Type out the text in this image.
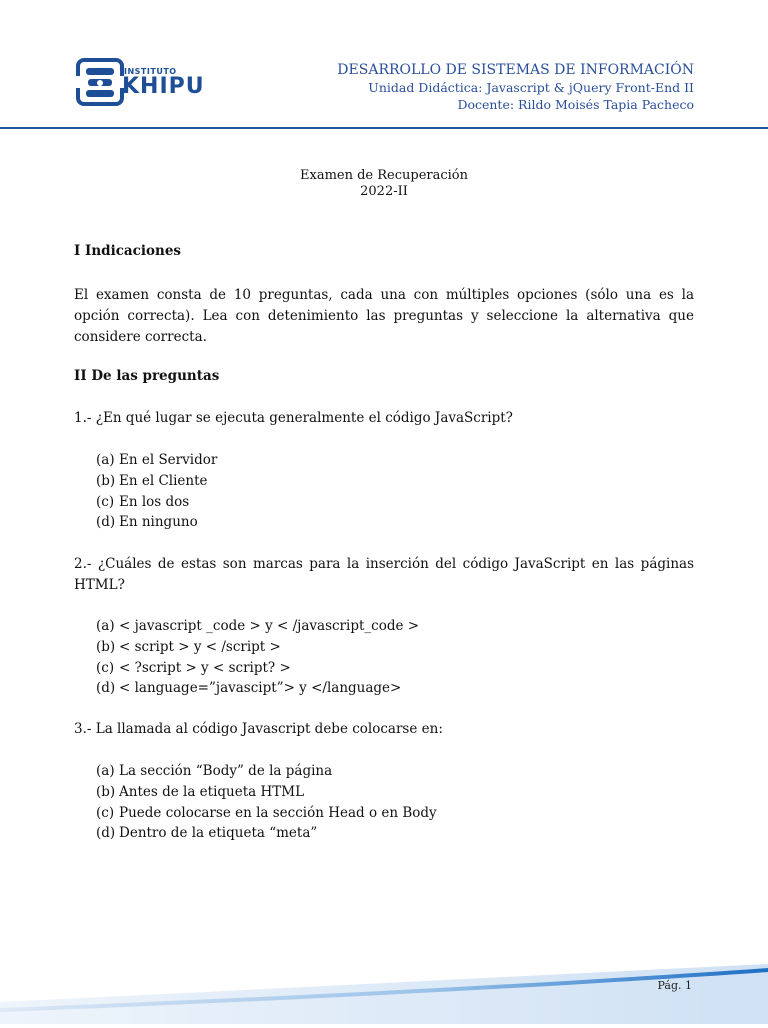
INSTITUTO
KHIPU
DESARROLLO DE SISTEMAS DE INFORMACIÓN
Unidad Didáctica: Javascript & jQuery Front-End II
Docente: Rildo Moisés Tapia Pacheco
Examen de Recuperación
2022-II
I Indicaciones
El examen consta de 10 preguntas, cada una con múltiples opciones (sólo una es la opción correcta). Lea con detenimiento las preguntas y seleccione la alternativa que considere correcta.
II De las preguntas
1.- ¿En qué lugar se ejecuta generalmente el código JavaScript?
(a) En el Servidor
(b) En el Cliente
(c) En los dos
(d) En ninguno
2.- ¿Cuáles de estas son marcas para la inserción del código JavaScript en las páginas HTML?
(a) < javascript _code > y < /javascript_code >
(b) < script > y < /script >
(c) < ?script > y < script? >
(d) < language=”javascipt”> y </language>
3.- La llamada al código Javascript debe colocarse en:
(a) La sección “Body” de la página
(b) Antes de la etiqueta HTML
(c) Puede colocarse en la sección Head o en Body
(d) Dentro de la etiqueta “meta”
Pág. 1
